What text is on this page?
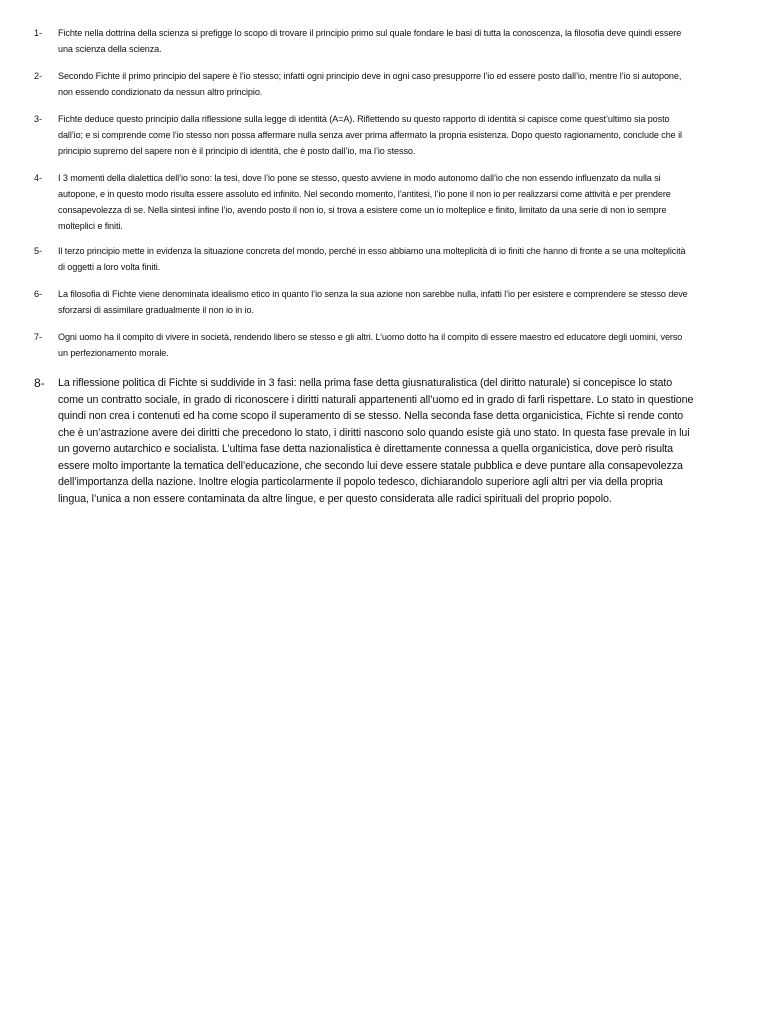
1-	Fichte nella dottrina della scienza si prefigge lo scopo di trovare il principio primo sul quale fondare le basi di tutta la conoscenza, la filosofia deve quindi essere una scienza della scienza.
2-	Secondo Fichte il primo principio del sapere è l’io stesso; infatti ogni principio deve in ogni caso presupporre l’io ed essere posto dall’io, mentre l’io si autopone, non essendo condizionato da nessun altro principio.
3-	Fichte deduce questo principio dalla riflessione sulla legge di identità (A=A). Riflettendo su questo rapporto di identità si capisce come quest’ultimo sia posto dall’io; e si comprende come l’io stesso non possa affermare nulla senza aver prima affermato la propria esistenza. Dopo questo ragionamento, conclude che il principio supremo del sapere non è il principio di identità, che è posto dall’io, ma l’io stesso.
4-	I 3 momenti della dialettica dell’io sono: la tesi, dove l’io pone se stesso, questo avviene in modo autonomo dall’io che non essendo influenzato da nulla si autopone, e in questo modo risulta essere assoluto ed infinito. Nel secondo momento, l’antitesi, l’io pone il non io per realizzarsi come attività e per prendere consapevolezza di se. Nella sintesi infine l’io, avendo posto il non io, si trova a esistere come un io molteplice e finito, limitato da una serie di non io sempre molteplici e finiti.
5-	Il terzo principio mette in evidenza la situazione concreta del mondo, perché in esso abbiamo una molteplicità di io finiti che hanno di fronte a se una molteplicità di oggetti a loro volta finiti.
6-	La filosofia di Fichte viene denominata idealismo etico in quanto l’io senza la sua azione non sarebbe nulla, infatti l’io per esistere e comprendere se stesso deve sforzarsi di assimilare gradualmente il non io in io.
7-	Ogni uomo ha il compito di vivere in società, rendendo libero se stesso e gli altri. L’uomo dotto ha il compito di essere maestro ed educatore degli uomini, verso un perfezionamento morale.
8-	La riflessione politica di Fichte si suddivide in 3 fasi: nella prima fase detta giusnaturalistica (del diritto naturale) si concepisce lo stato come un contratto sociale, in grado di riconoscere i diritti naturali appartenenti all’uomo ed in grado di farli rispettare. Lo stato in questione quindi non crea i contenuti ed ha come scopo il superamento di se stesso. Nella seconda fase detta organicistica, Fichte si rende conto che è un’astrazione avere dei diritti che precedono lo stato, i diritti nascono solo quando esiste già uno stato. In questa fase prevale in lui un governo autarchico e socialista. L’ultima fase detta nazionalistica è direttamente connessa a quella organicistica, dove però risulta essere molto importante la tematica dell’educazione, che secondo lui deve essere statale pubblica e deve puntare alla consapevolezza dell’importanza della nazione. Inoltre elogia particolarmente il popolo tedesco, dichiarandolo superiore agli altri per via della propria lingua, l’unica a non essere contaminata da altre lingue, e per questo considerata alle radici spirituali del proprio popolo.
